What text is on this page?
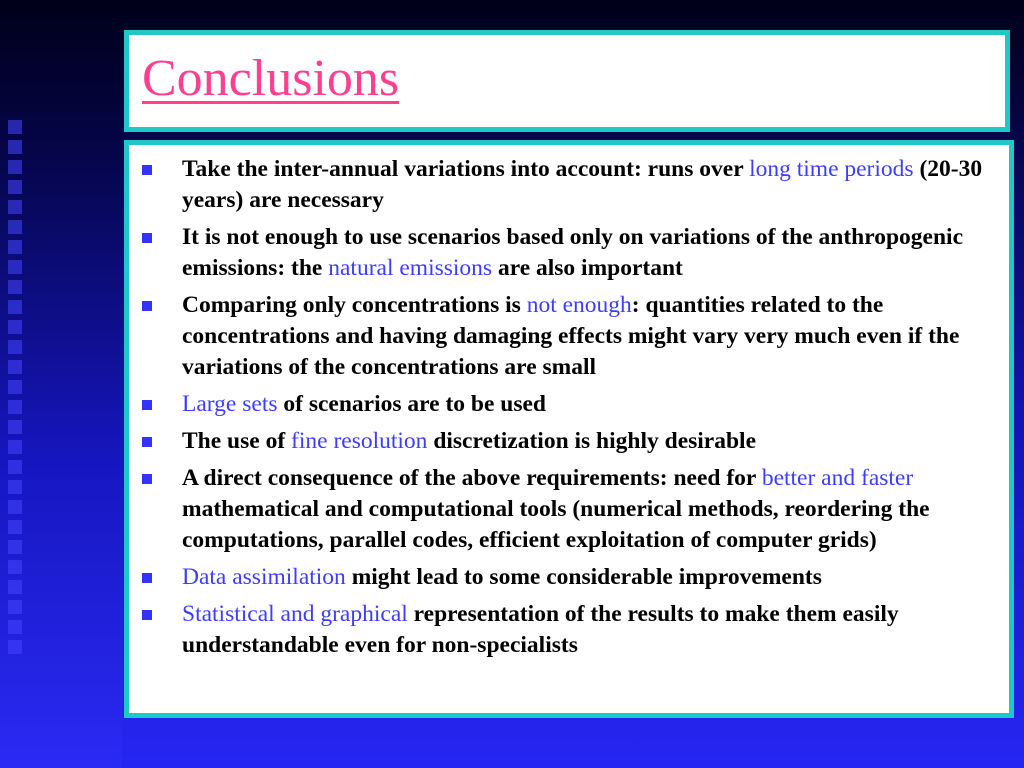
Conclusions
Take the inter-annual variations into account: runs over long time periods (20-30 years) are necessary
It is not enough to use scenarios based only on variations of the anthropogenic emissions: the natural emissions are also important
Comparing only concentrations is not enough: quantities related to the concentrations and having damaging effects might vary very much even if the variations of the concentrations are small
Large sets of scenarios are to be used
The use of fine resolution discretization is highly desirable
A direct consequence of the above requirements: need for better and faster mathematical and computational tools (numerical methods, reordering the computations, parallel codes, efficient exploitation of computer grids)
Data assimilation might lead to some considerable improvements
Statistical and graphical representation of the results to make them easily understandable even for non-specialists
